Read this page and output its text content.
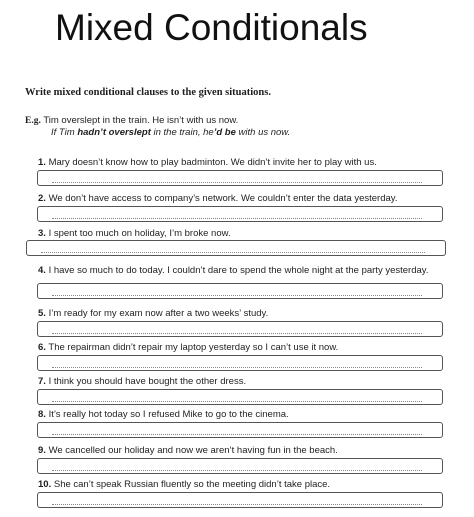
Mixed Conditionals
Write mixed conditional clauses to the given situations.
E.g. Tim overslept in the train. He isn’t with us now.
If Tim hadn’t overslept in the train, he’d be with us now.
1. Mary doesn’t know how to play badminton. We didn’t invite her to play with us.
2. We don’t have access to company’s network. We couldn’t enter the data yesterday.
3. I spent too much on holiday, I’m broke now.
4. I have so much to do today. I couldn’t dare to spend the whole night at the party yesterday.
5. I’m ready for my exam now after a two weeks’ study.
6. The repairman didn’t repair my laptop yesterday so I can’t use it now.
7. I think you should have bought the other dress.
8. It’s really hot today so I refused Mike to go to the cinema.
9. We cancelled our holiday and now we aren’t having fun in the beach.
10. She can’t speak Russian fluently so the meeting didn’t take place.
